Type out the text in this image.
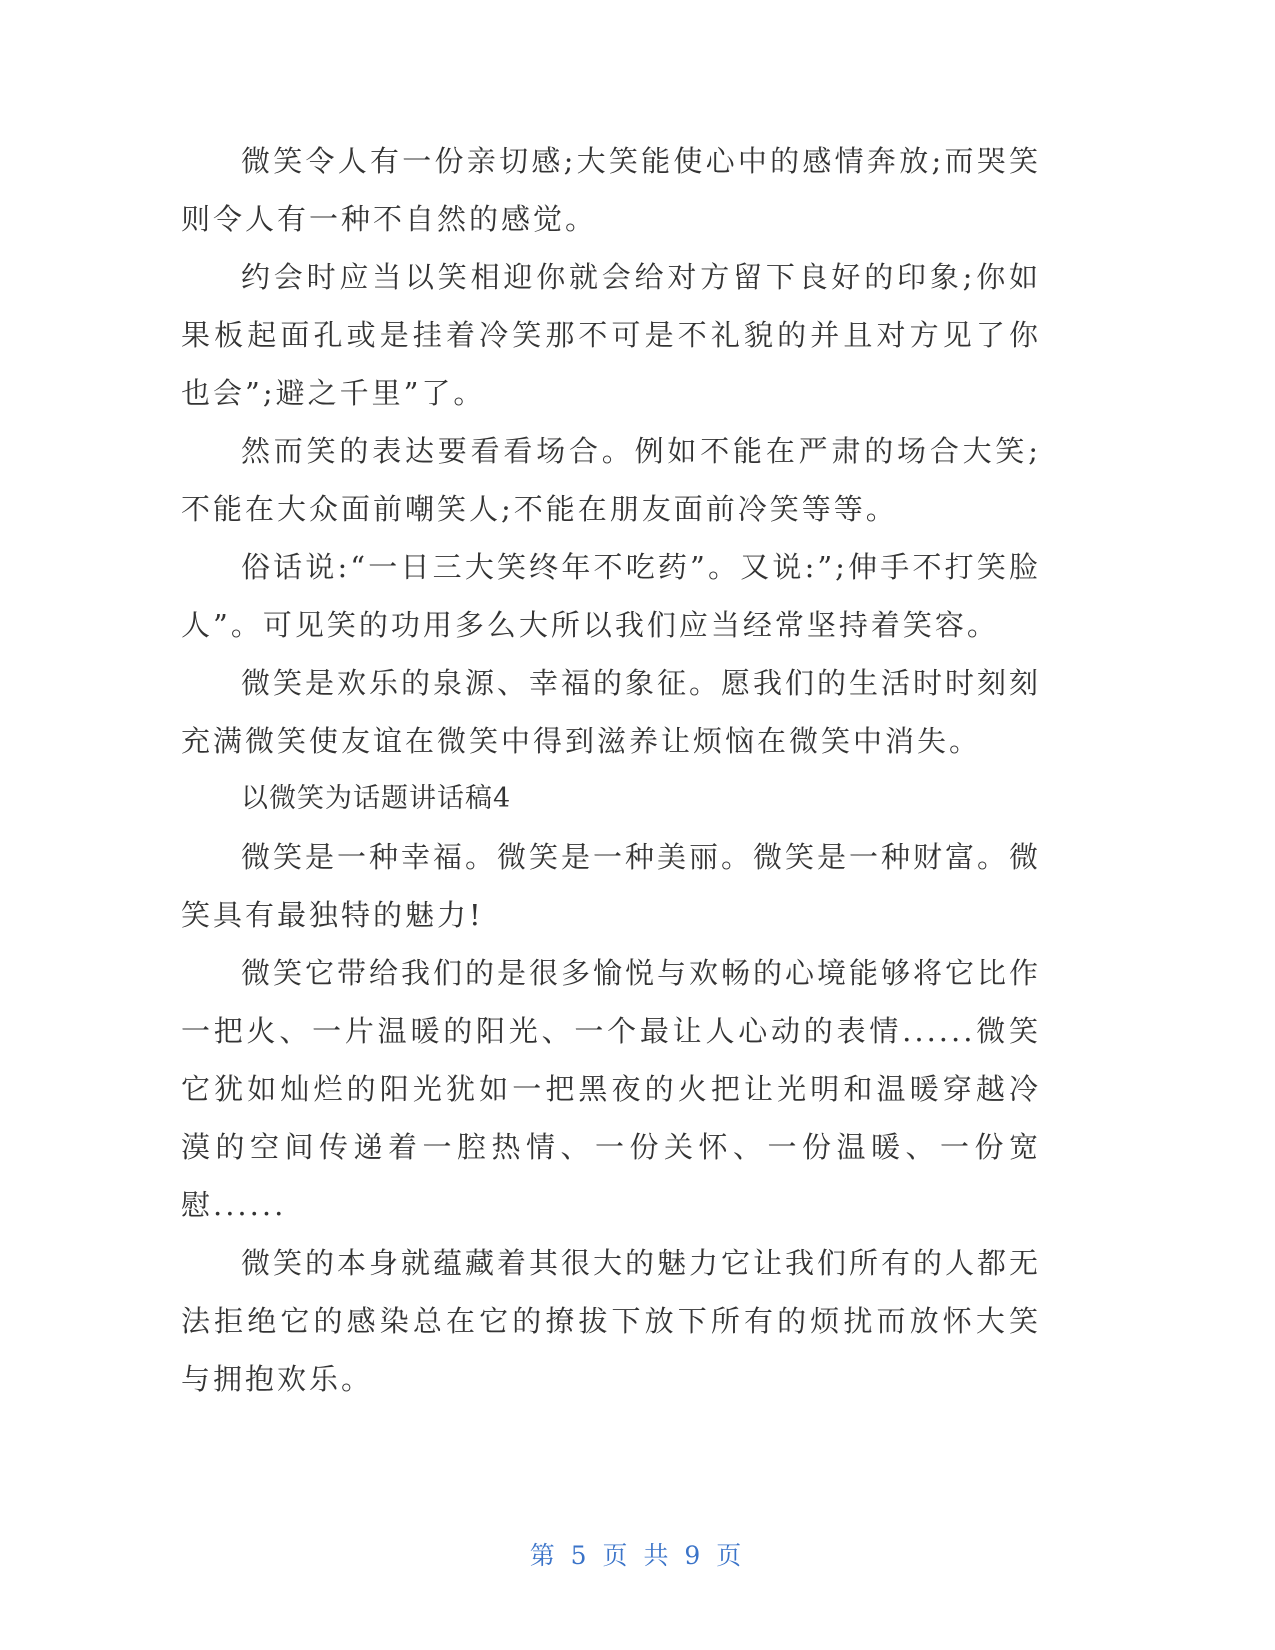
微笑令人有一份亲切感;大笑能使心中的感情奔放;而哭笑则令人有一种不自然的感觉。

约会时应当以笑相迎你就会给对方留下良好的印象;你如果板起面孔或是挂着冷笑那不可是不礼貌的并且对方见了你也会”;避之千里”了。

然而笑的表达要看看场合。例如不能在严肃的场合大笑;不能在大众面前嘲笑人;不能在朋友面前冷笑等等。

俗话说:“一日三大笑终年不吃药”。又说:”;伸手不打笑脸人”。可见笑的功用多么大所以我们应当经常坚持着笑容。

微笑是欢乐的泉源、幸福的象征。愿我们的生活时时刻刻充满微笑使友谊在微笑中得到滋养让烦恼在微笑中消失。

以微笑为话题讲话稿4

微笑是一种幸福。微笑是一种美丽。微笑是一种财富。微笑具有最独特的魅力!

微笑它带给我们的是很多愉悦与欢畅的心境能够将它比作一把火、一片温暖的阳光、一个最让人心动的表情......微笑它犹如灿烂的阳光犹如一把黑夜的火把让光明和温暖穿越冷漠的空间传递着一腔热情、一份关怀、一份温暖、一份宽慰......

微笑的本身就蕴藏着其很大的魅力它让我们所有的人都无法拒绝它的感染总在它的撩拔下放下所有的烦扰而放怀大笑与拥抱欢乐。

第 5 页 共 9 页
